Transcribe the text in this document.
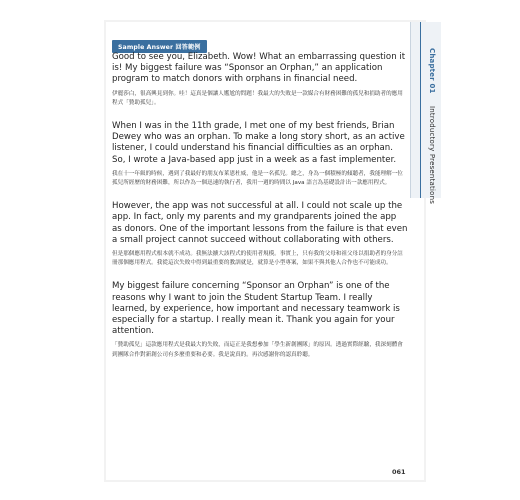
Chapter 01 Introductory Presentations
Sample Answer 回答範例

Good to see you, Elizabeth. Wow! What an embarrassing question it is! My biggest failure was “Sponsor an Orphan,” an application program to match donors with orphans in financial need.

伊麗莎白，很高興見到你。哇！這真是個讓人尷尬的問題！我最大的失敗是一款媒合有財務困難的孤兒和捐助者的應用程式「贊助孤兒」。

When I was in the 11th grade, I met one of my best friends, Brian Dewey who was an orphan. To make a long story short, as an active listener, I could understand his financial difficulties as an orphan. So, I wrote a Java-based app just in a week as a fast implementer.

我在十一年級的時候，遇到了我最好的朋友布萊恩杜威，他是一名孤兒。總之，身為一個積極的傾聽者，我能理解一位孤兒所經歷的財務困難，所以作為一個迅速的執行者，我用一週的時間以 Java 語言為基礎設計出一款應用程式。

However, the app was not successful at all. I could not scale up the app. In fact, only my parents and my grandparents joined the app as donors. One of the important lessons from the failure is that even a small project cannot succeed without collaborating with others.

但是那個應用程式根本就不成功。我無法擴大該程式的使用者規模。事實上，只有我的父母和祖父母以捐助者的身分註冊那個應用程式。我從這次失敗中得到最重要的教訓就是，就算是小型專案，如果不與其他人合作也不可能成功。

My biggest failure concerning “Sponsor an Orphan” is one of the reasons why I want to join the Student Startup Team. I really learned, by experience, how important and necessary teamwork is especially for a startup. I really mean it. Thank you again for your attention.

「贊助孤兒」這款應用程式是我最大的失敗，而這正是我想參加「學生新創團隊」的原因。透過實際經驗，我深刻體會到團隊合作對新創公司有多麼重要和必要。我是說真的。再次感謝你的認真聆聽。

061
